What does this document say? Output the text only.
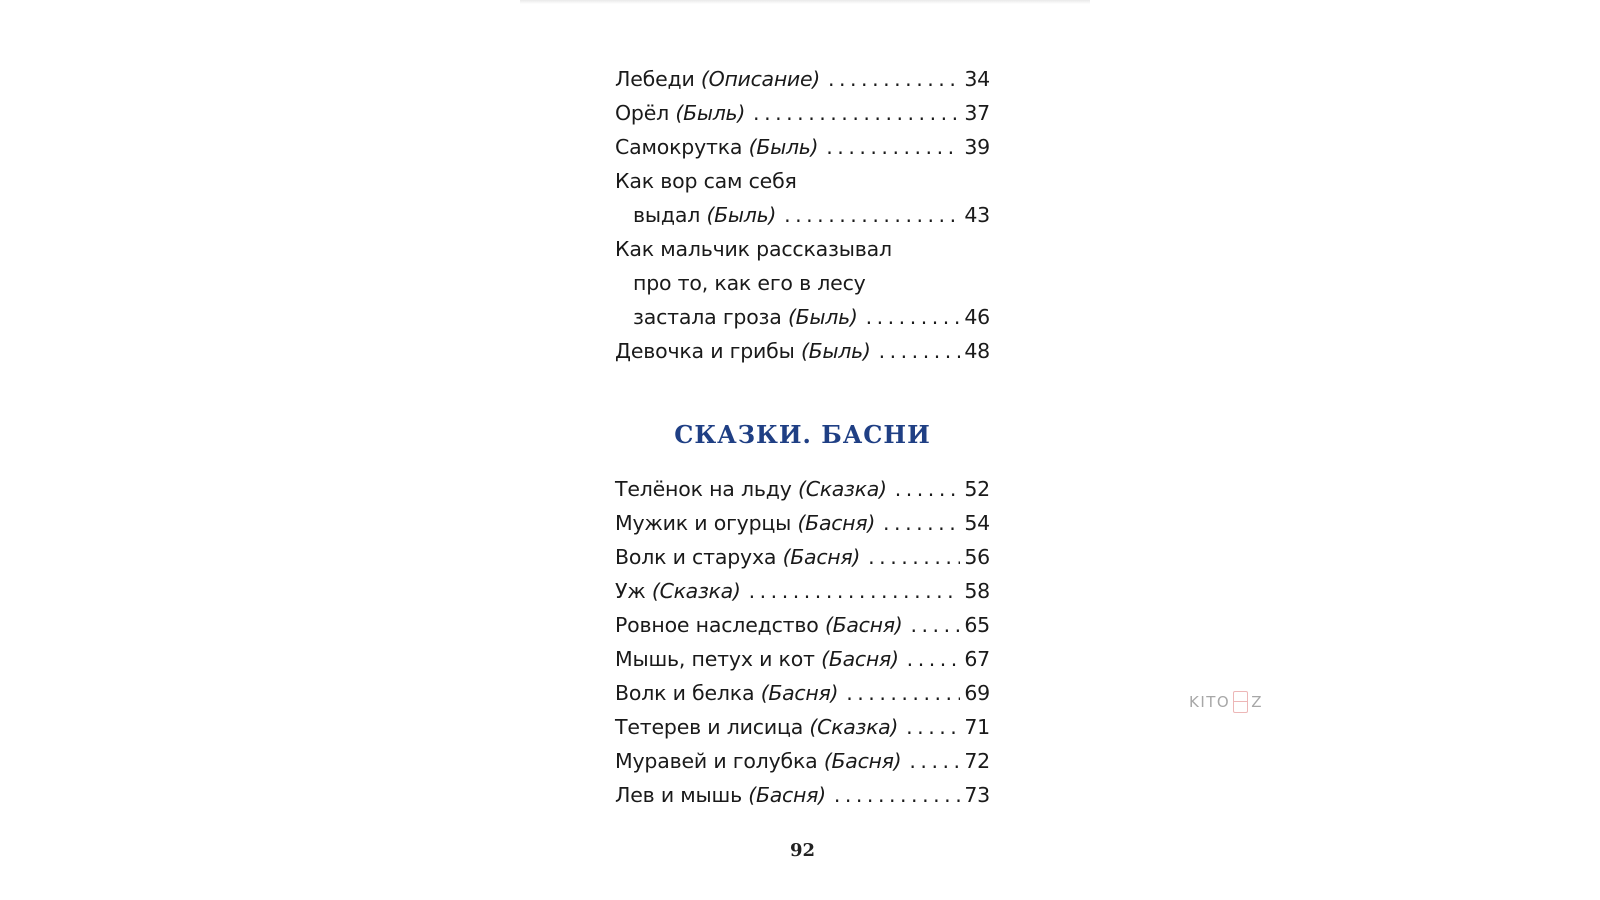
Лебеди (Описание) . . .	34
Орёл (Быль) . . .	37
Самокрутка (Быль) . . .	39
Как вор сам себя
выдал (Быль) . . .	43
Как мальчик рассказывал
про то, как его в лесу
застала гроза (Быль) . . .	46
Девочка и грибы (Быль) . . .	48
СКАЗКИ. БАСНИ
Телёнок на льду (Сказка) . . .	52
Мужик и огурцы (Басня) . . .	54
Волк и старуха (Басня) . . .	56
Уж (Сказка) . . .	58
Ровное наследство (Басня) . . .	65
Мышь, петух и кот (Басня) . . .	67
Волк и белка (Басня) . . .	69
Тетерев и лисица (Сказка) . . .	71
Муравей и голубка (Басня) . . .	72
Лев и мышь (Басня) . . .	73
92
KITO Z
